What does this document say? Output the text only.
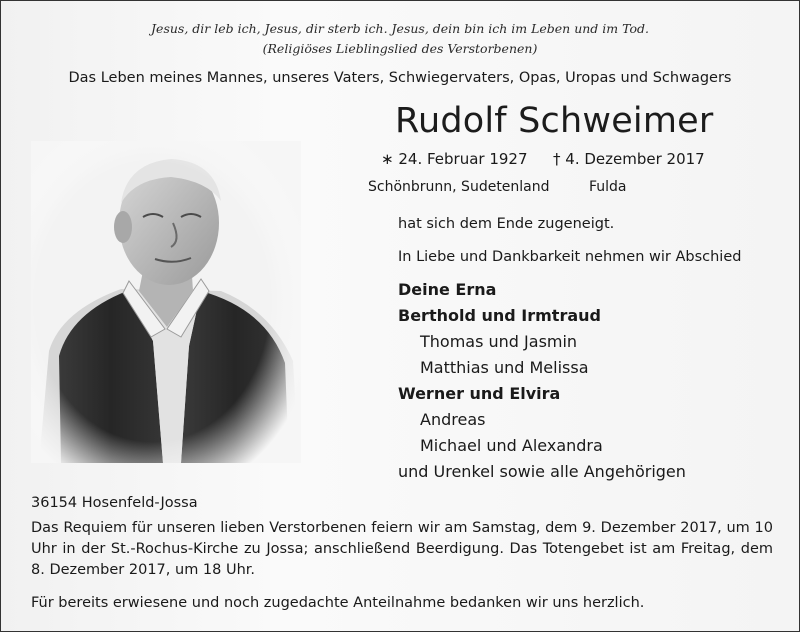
Jesus, dir leb ich, Jesus, dir sterb ich. Jesus, dein bin ich im Leben und im Tod.
(Religiöses Lieblingslied des Verstorbenen)
Das Leben meines Mannes, unseres Vaters, Schwiegervaters, Opas, Uropas und Schwagers
Rudolf Schweimer
∗ 24. Februar 1927 † 4. Dezember 2017
Schönbrunn, Sudetenland	Fulda
hat sich dem Ende zugeneigt.
In Liebe und Dankbarkeit nehmen wir Abschied
Deine Erna
Berthold und Irmtraud
Thomas und Jasmin
Matthias und Melissa
Werner und Elvira
Andreas
Michael und Alexandra
und Urenkel sowie alle Angehörigen
36154 Hosenfeld-Jossa
Das Requiem für unseren lieben Verstorbenen feiern wir am Samstag, dem 9. Dezember 2017, um 10 Uhr in der St.-Rochus-Kirche zu Jossa; anschließend Beerdigung. Das Totengebet ist am Freitag, dem 8. Dezember 2017, um 18 Uhr.
Für bereits erwiesene und noch zugedachte Anteilnahme bedanken wir uns herzlich.
